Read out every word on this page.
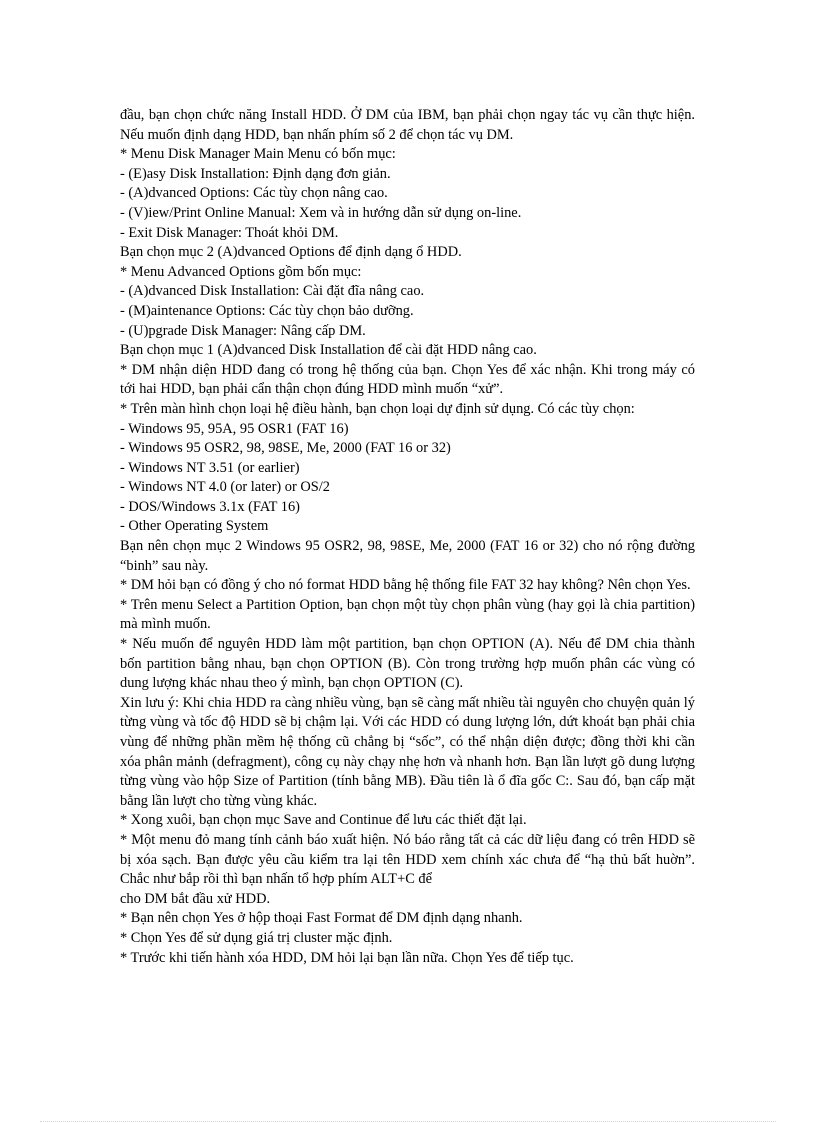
đầu, bạn chọn chức năng Install HDD. Ở DM của IBM, bạn phải chọn ngay tác vụ cần thực hiện. Nếu muốn định dạng HDD, bạn nhấn phím số 2 để chọn tác vụ DM.

* Menu Disk Manager Main Menu có bốn mục:

- (E)asy Disk Installation: Định dạng đơn giản.

- (A)dvanced Options: Các tùy chọn nâng cao.

- (V)iew/Print Online Manual: Xem và in hướng dẫn sử dụng on-line.

- Exit Disk Manager: Thoát khỏi DM.

Bạn chọn mục 2 (A)dvanced Options để định dạng ổ HDD.

* Menu Advanced Options gồm bốn mục:

- (A)dvanced Disk Installation: Cài đặt đĩa nâng cao.

- (M)aintenance Options: Các tùy chọn bảo dưỡng.

- (U)pgrade Disk Manager: Nâng cấp DM.

Bạn chọn mục 1 (A)dvanced Disk Installation để cài đặt HDD nâng cao.

* DM nhận diện HDD đang có trong hệ thống của bạn. Chọn Yes để xác nhận. Khi trong máy có tới hai HDD, bạn phải cẩn thận chọn đúng HDD mình muốn “xử”.

* Trên màn hình chọn loại hệ điều hành, bạn chọn loại dự định sử dụng. Có các tùy chọn:

- Windows 95, 95A, 95 OSR1 (FAT 16)

- Windows 95 OSR2, 98, 98SE, Me, 2000 (FAT 16 or 32)

- Windows NT 3.51 (or earlier)

- Windows NT 4.0 (or later) or OS/2

- DOS/Windows 3.1x (FAT 16)

- Other Operating System

Bạn nên chọn mục 2 Windows 95 OSR2, 98, 98SE, Me, 2000 (FAT 16 or 32) cho nó rộng đường “binh” sau này.

* DM hỏi bạn có đồng ý cho nó format HDD bằng hệ thống file FAT 32 hay không? Nên chọn Yes.

* Trên menu Select a Partition Option, bạn chọn một tùy chọn phân vùng (hay gọi là chia partition) mà mình muốn.

* Nếu muốn để nguyên HDD làm một partition, bạn chọn OPTION (A). Nếu để DM chia thành bốn partition bằng nhau, bạn chọn OPTION (B). Còn trong trường hợp muốn phân các vùng có dung lượng khác nhau theo ý mình, bạn chọn OPTION (C).

Xin lưu ý: Khi chia HDD ra càng nhiều vùng, bạn sẽ càng mất nhiều tài nguyên cho chuyện quản lý từng vùng và tốc độ HDD sẽ bị chậm lại. Với các HDD có dung lượng lớn, dứt khoát bạn phải chia vùng để những phần mềm hệ thống cũ chẳng bị “sốc”, có thể nhận diện được; đồng thời khi cần xóa phân mảnh (defragment), công cụ này chạy nhẹ hơn và nhanh hơn. Bạn lần lượt gõ dung lượng từng vùng vào hộp Size of Partition (tính bằng MB). Đầu tiên là ổ đĩa gốc C:. Sau đó, bạn cấp mặt bằng lần lượt cho từng vùng khác.

* Xong xuôi, bạn chọn mục Save and Continue để lưu các thiết đặt lại.

* Một menu đỏ mang tính cảnh báo xuất hiện. Nó báo rằng tất cả các dữ liệu đang có trên HDD sẽ bị xóa sạch. Bạn được yêu cầu kiểm tra lại tên HDD xem chính xác chưa để “hạ thủ bất huờn”. Chắc như bắp rồi thì bạn nhấn tổ hợp phím ALT+C để

cho DM bắt đầu xử HDD.

* Bạn nên chọn Yes ở hộp thoại Fast Format để DM định dạng nhanh.

* Chọn Yes để sử dụng giá trị cluster mặc định.

* Trước khi tiến hành xóa HDD, DM hỏi lại bạn lần nữa. Chọn Yes để tiếp tục.
